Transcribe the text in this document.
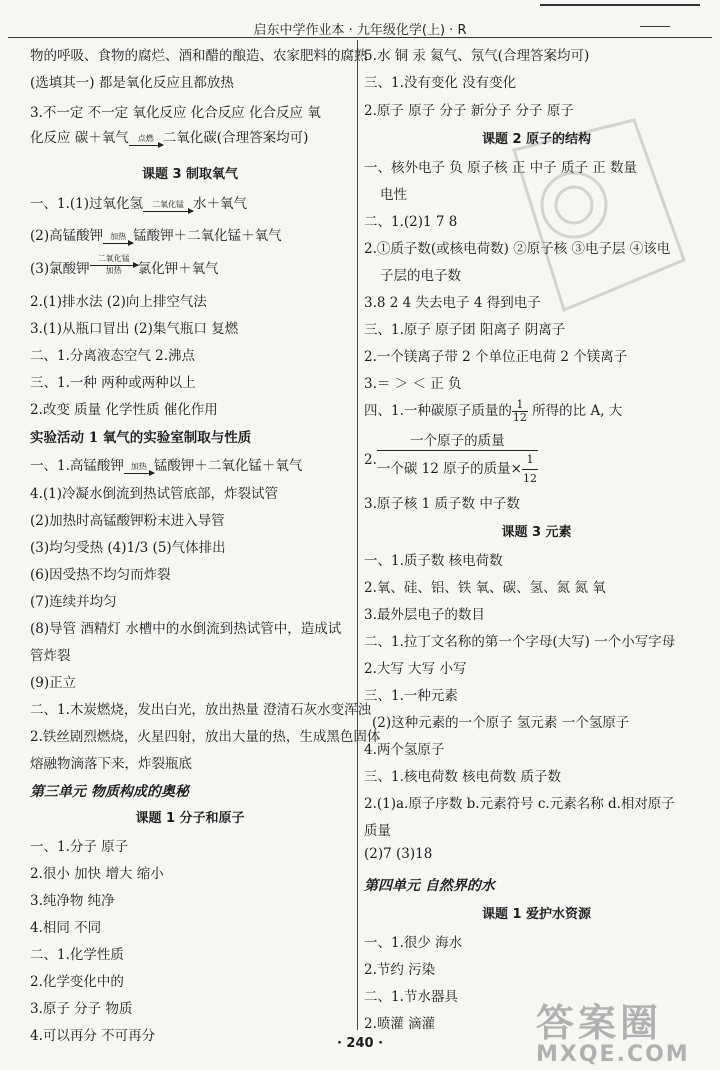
启东中学作业本 · 九年级化学(上) · R
物的呼吸、食物的腐烂、酒和醋的酿造、农家肥料的腐熟
(选填其一) 都是氧化反应且都放热
3.不一定 不一定 氧化反应 化合反应 化合反应 氧
化反应 碳＋氧气	点燃 二氧化碳(合理答案均可)
课题 3 制取氧气
一、1.(1)过氧化氢	二氧化锰 水＋氧气
(2)高锰酸钾 加热 锰酸钾＋二氧化锰＋氧气
(3)氯酸钾
二氧化锰
加热	氯化钾＋氧气
2.(1)排水法 (2)向上排空气法
3.(1)从瓶口冒出 (2)集气瓶口 复燃
二、1.分离液态空气 2.沸点
三、1.一种 两种或两种以上
2.改变 质量 化学性质 催化作用
实验活动 1 氧气的实验室制取与性质
一、1.高锰酸钾 加热 锰酸钾＋二氧化锰＋氧气
4.(1)冷凝水倒流到热试管底部，炸裂试管
(2)加热时高锰酸钾粉末进入导管
(3)均匀受热 (4)1/3 (5)气体排出
(6)因受热不均匀而炸裂
(7)连续并均匀
(8)导管 酒精灯 水槽中的水倒流到热试管中，造成试
管炸裂
(9)正立
二、1.木炭燃烧，发出白光，放出热量 澄清石灰水变浑浊
2.铁丝剧烈燃烧，火星四射，放出大量的热，生成黑色固体
熔融物滴落下来，炸裂瓶底
第三单元 物质构成的奥秘
课题 1 分子和原子
一、1.分子 原子
2.很小 加快 增大 缩小
3.纯净物 纯净
4.相同 不同
二、1.化学性质
2.化学变化中的
3.原子 分子 物质
4.可以再分 不可再分
5.水 铜 汞 氦气、氖气(合理答案均可)
三、1.没有变化 没有变化
2.原子 原子 分子 新分子 分子 原子
课题 2 原子的结构
一、核外电子 负 原子核 正 中子 质子 正 数量
电性
二、1.(2)1 7 8
2.①质子数(或核电荷数) ②原子核 ③电子层 ④该电
子层的电子数
3.8 2 4 失去电子 4 得到电子
三、1.原子 原子团 阳离子 阴离子
2.一个镁离子带 2 个单位正电荷 2 个镁离子
3.＝ ＞ ＜ 正 负
四、1.一种碳原子质量的 $\frac{1}{12}$ 所得的比 A, 大
2. $\frac{\text{一个原子的质量}}{一个碳 12 原子的质量\times \frac{1}{12}}$
3.原子核 1 质子数 中子数
课题 3 元素
一、1.质子数 核电荷数
2.氧、硅、铝、铁 氧、碳、氢、氮 氮 氧
3.最外层电子的数目
二、1.拉丁文名称的第一个字母(大写) 一个小写字母
2.大写 大写 小写
三、1.一种元素
(2)这种元素的一个原子 氢元素 一个氢原子
4.两个氢原子
三、1.核电荷数 核电荷数 质子数
2.(1)a.原子序数 b.元素符号 c.元素名称 d.相对原子
质量
(2)7 (3)18
第四单元 自然界的水
课题 1 爱护水资源
一、1.很少 海水
2.节约 污染
二、1.节水器具
2.喷灌 滴灌	答案圈
MXQE.COM
· 240 ·
